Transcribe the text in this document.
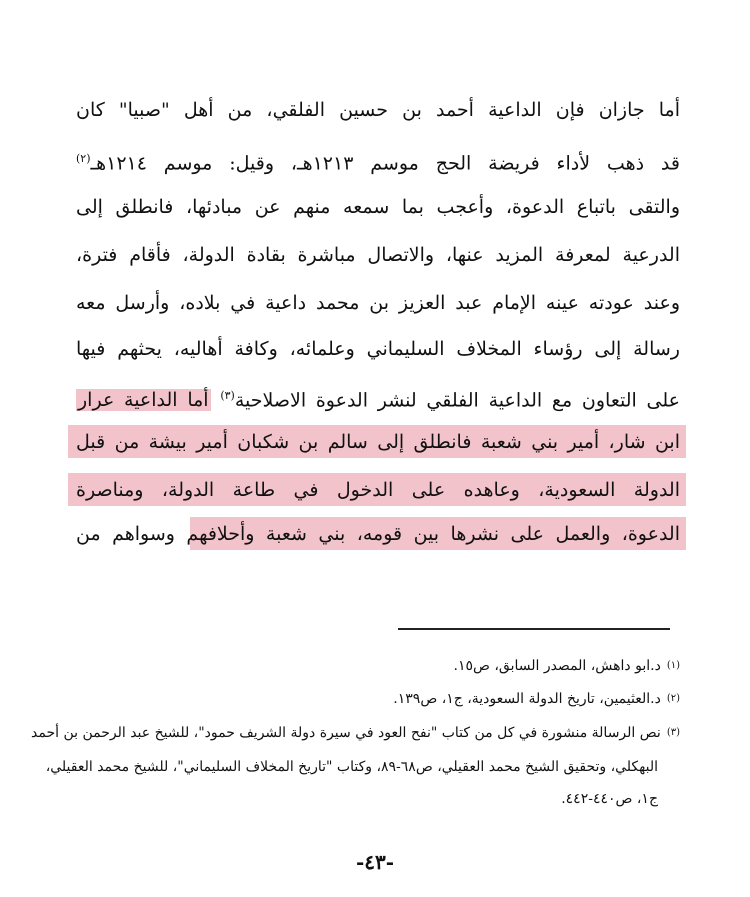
أما جازان فإن الداعية أحمد بن حسين الفلقي، من أهل "صبيا" كان
قد ذهب لأداء فريضة الحج موسم ١٢١٣هـ، وقيل: موسم ١٢١٤هـ$^{(٢)}$
والتقى باتباع الدعوة، وأعجب بما سمعه منهم عن مبادئها، فانطلق إلى
الدرعية لمعرفة المزيد عنها، والاتصال مباشرة بقادة الدولة، فأقام فترة،
وعند عودته عينه الإمام عبد العزيز بن محمد داعية في بلاده، وأرسل معه
رسالة إلى رؤساء المخلاف السليماني وعلمائه، وكافة أهاليه، يحثهم فيها
على التعاون مع الداعية الفلقي لنشر الدعوة الاصلاحية$^{(٣)}$ أما الداعية عرار
ابن شار، أمير بني شعبة فانطلق إلى سالم بن شكبان أمير بيشة من قبل
الدولة السعودية، وعاهده على الدخول في طاعة الدولة، ومناصرة
الدعوة، والعمل على نشرها بين قومه، بني شعبة وأحلافهم وسواهم من
$^{(١)}$د.ابو داهش، المصدر السابق، ص١٥.
$^{(٢)}$د.العثيمين، تاريخ الدولة السعودية، ج١، ص١٣٩.
$^{(٣)}$نص الرسالة منشورة في كل من كتاب "نفح العود في سيرة دولة الشريف حمود"، للشيخ عبد الرحمن بن أحمد
البهكلي، وتحقيق الشيخ محمد العقيلي، ص٦٨-٨٩، وكتاب "تاريخ المخلاف السليماني"، للشيخ محمد العقيلي،
ج١، ص٤٤٠-٤٤٢.
-٤٣-
